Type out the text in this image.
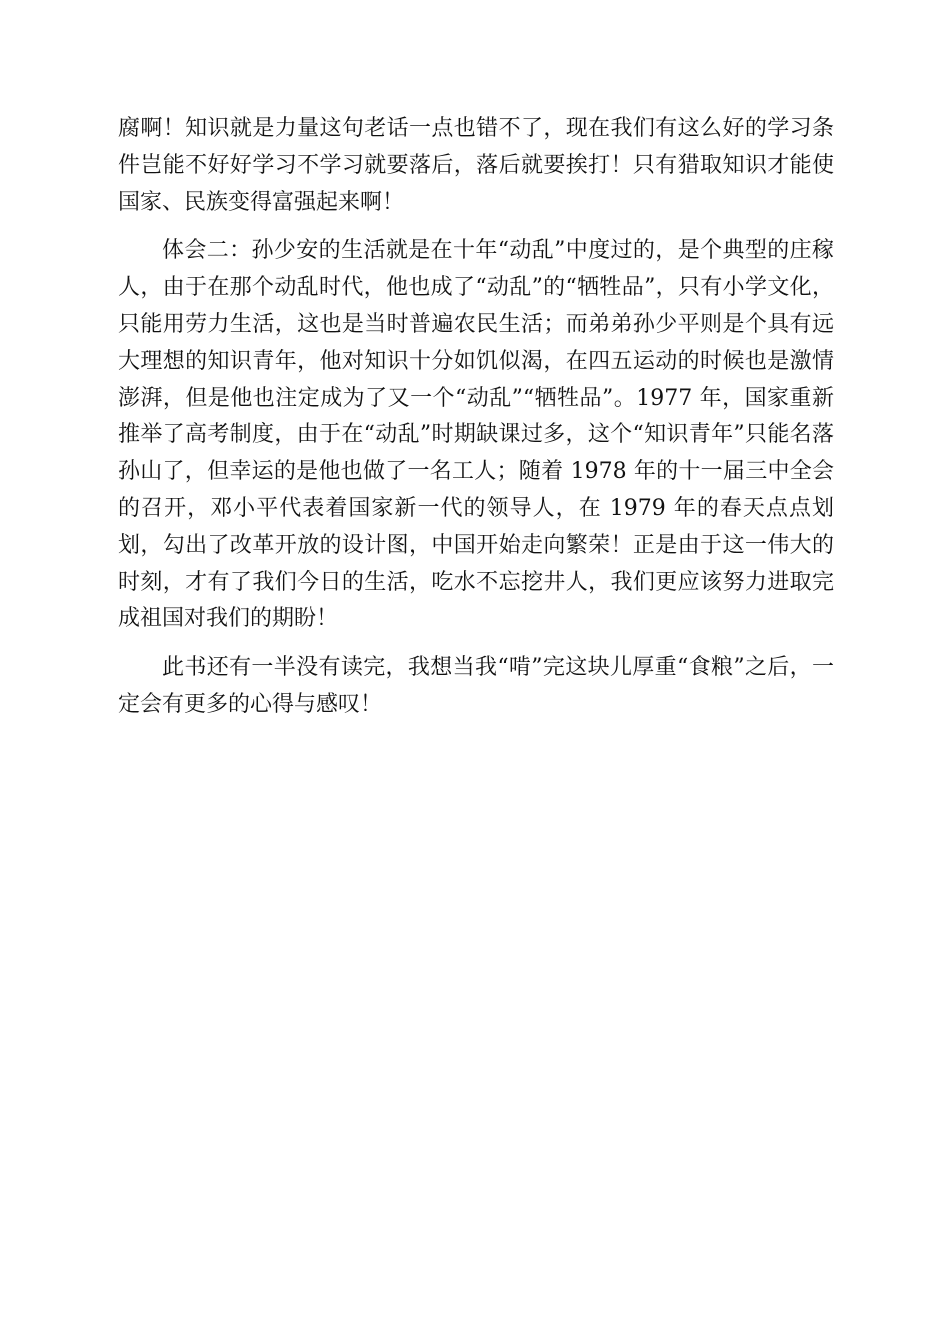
腐啊！知识就是力量这句老话一点也错不了，现在我们有这么好的学习条件岂能不好好学习不学习就要落后，落后就要挨打！只有猎取知识才能使国家、民族变得富强起来啊！

体会二：孙少安的生活就是在十年“动乱”中度过的，是个典型的庄稼人，由于在那个动乱时代，他也成了“动乱”的“牺牲品”，只有小学文化，只能用劳力生活，这也是当时普遍农民生活；而弟弟孙少平则是个具有远大理想的知识青年，他对知识十分如饥似渴，在四五运动的时候也是激情澎湃，但是他也注定成为了又一个“动乱”“牺牲品”。1977 年，国家重新推举了高考制度，由于在“动乱”时期缺课过多，这个“知识青年”只能名落孙山了，但幸运的是他也做了一名工人；随着 1978 年的十一届三中全会的召开，邓小平代表着国家新一代的领导人，在 1979 年的春天点点划划，勾出了改革开放的设计图，中国开始走向繁荣！正是由于这一伟大的时刻，才有了我们今日的生活，吃水不忘挖井人，我们更应该努力进取完成祖国对我们的期盼！

此书还有一半没有读完，我想当我“啃”完这块儿厚重“食粮”之后，一定会有更多的心得与感叹！
